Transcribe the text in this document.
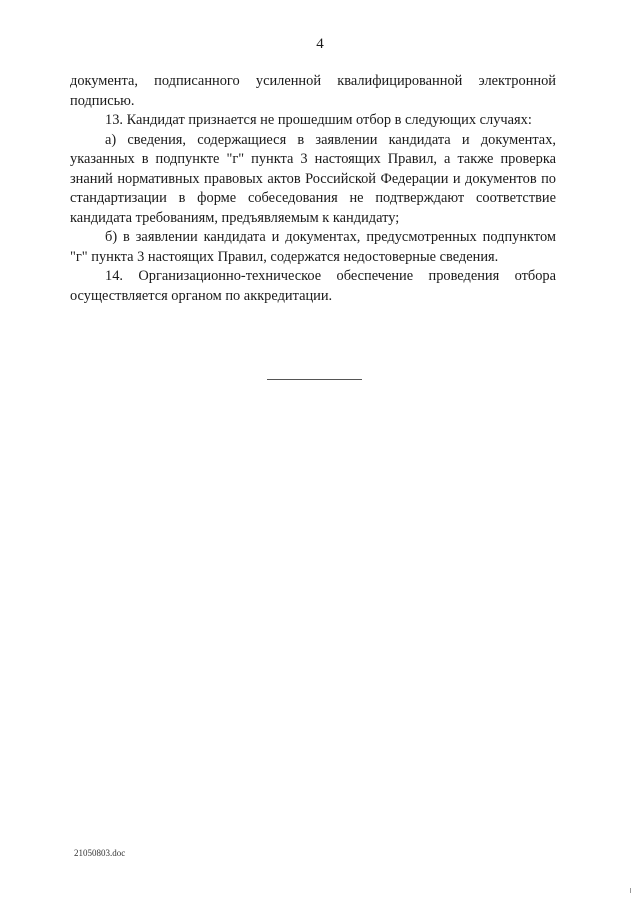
4

документа, подписанного усиленной квалифицированной электронной подписью.

13. Кандидат признается не прошедшим отбор в следующих случаях:

а) сведения, содержащиеся в заявлении кандидата и документах, указанных в подпункте "г" пункта 3 настоящих Правил, а также проверка знаний нормативных правовых актов Российской Федерации и документов по стандартизации в форме собеседования не подтверждают соответствие кандидата требованиям, предъявляемым к кандидату;

б) в заявлении кандидата и документах, предусмотренных подпунктом "г" пункта 3 настоящих Правил, содержатся недостоверные сведения.

14. Организационно-техническое обеспечение проведения отбора осуществляется органом по аккредитации.

21050803.doc
